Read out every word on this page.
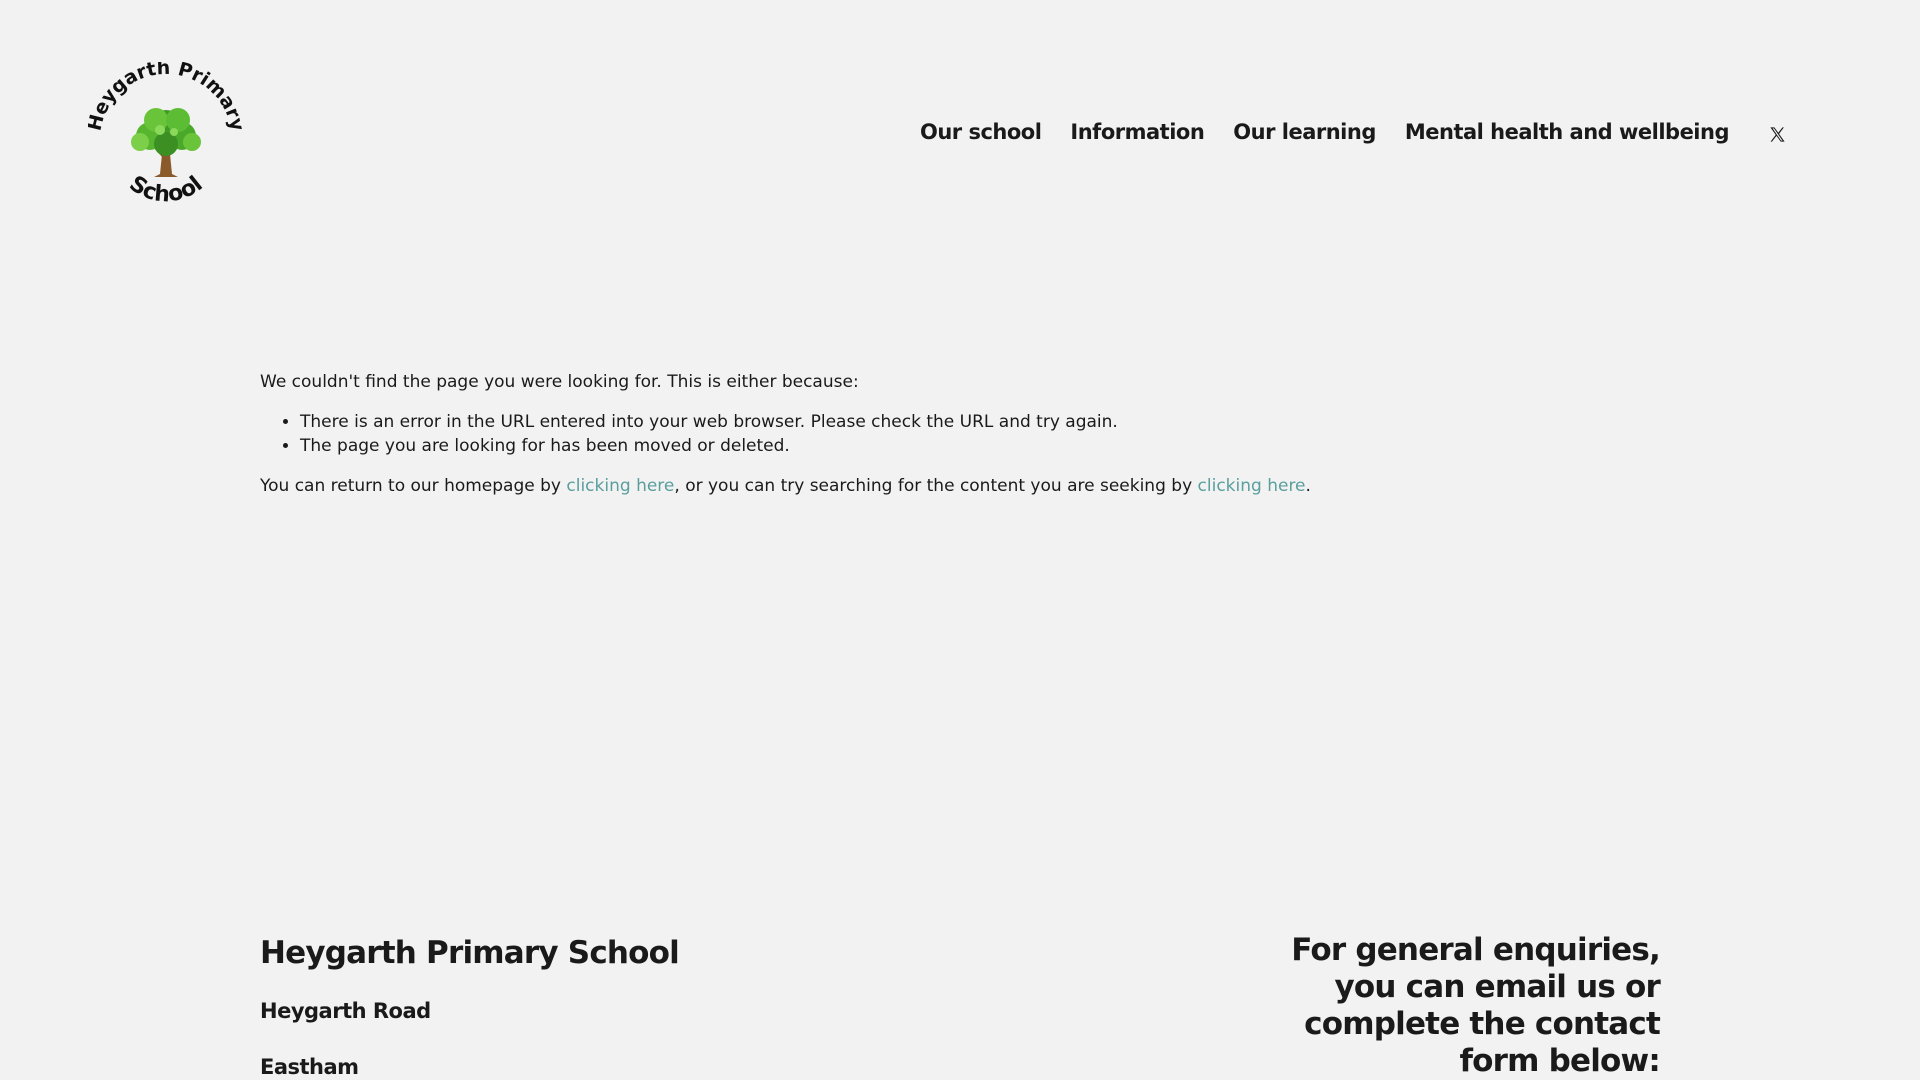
eygarth Primar
School
Our school Information Our learning Mental health and wellbeing

We couldn't find the page you were looking for. This is either because:

• There is an error in the URL entered into your web browser. Please check the URL and try again.
• The page you are looking for has been moved or deleted.

You can return to our homepage by clicking here, or you can try searching for the content you are seeking by clicking here.

Heygarth Primary School
Heygarth Road
Eastham
For general enquiries, you can email us or complete the contact form below:
